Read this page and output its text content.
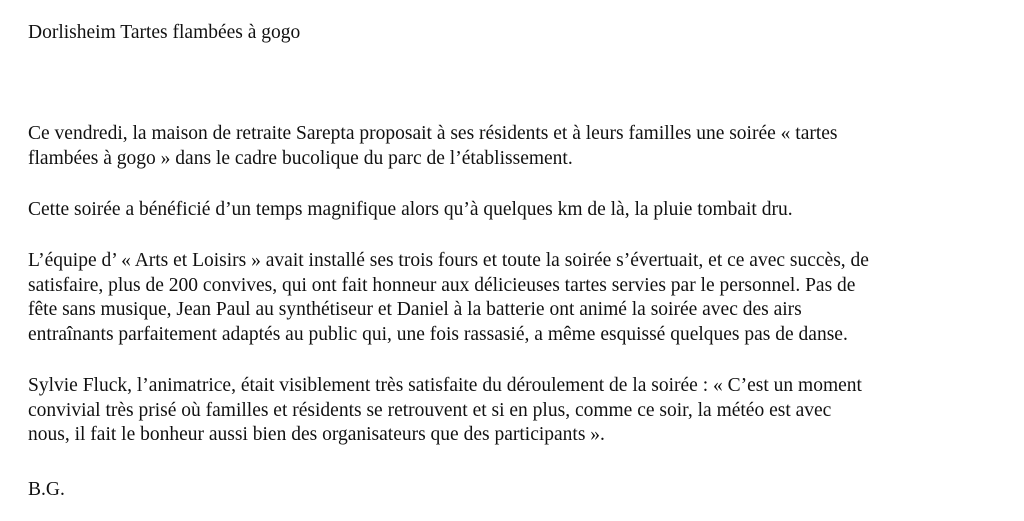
Dorlisheim Tartes flambées à gogo

Ce vendredi, la maison de retraite Sarepta proposait à ses résidents et à leurs familles une soirée « tartes
flambées à gogo » dans le cadre bucolique du parc de l’établissement.

Cette soirée a bénéficié d’un temps magnifique alors qu’à quelques km de là, la pluie tombait dru.

L’équipe d’ « Arts et Loisirs » avait installé ses trois fours et toute la soirée s’évertuait, et ce avec succès, de
satisfaire, plus de 200 convives, qui ont fait honneur aux délicieuses tartes servies par le personnel. Pas de
fête sans musique, Jean Paul au synthétiseur et Daniel à la batterie ont animé la soirée avec des airs
entraînants parfaitement adaptés au public qui, une fois rassasié, a même esquissé quelques pas de danse.

Sylvie Fluck, l’animatrice, était visiblement très satisfaite du déroulement de la soirée : « C’est un moment
convivial très prisé où familles et résidents se retrouvent et si en plus, comme ce soir, la météo est avec
nous, il fait le bonheur aussi bien des organisateurs que des participants ».

B.G.
